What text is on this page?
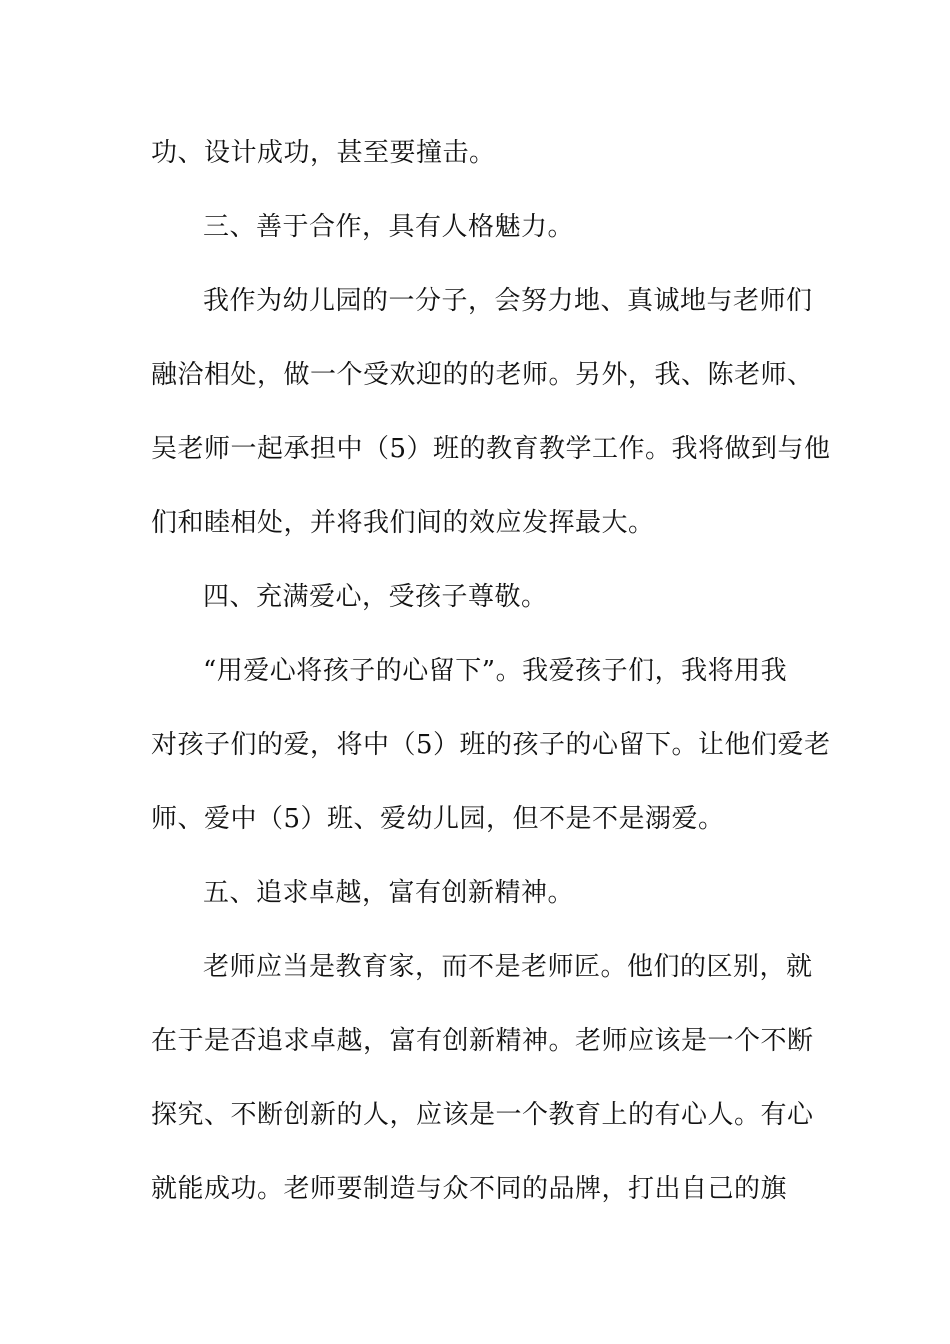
功、设计成功，甚至要撞击。
三、善于合作，具有人格魅力。
我作为幼儿园的一分子，会努力地、真诚地与老师们
融洽相处，做一个受欢迎的的老师。另外，我、陈老师、
吴老师一起承担中（5）班的教育教学工作。我将做到与他
们和睦相处，并将我们间的效应发挥最大。
四、充满爱心，受孩子尊敬。
“用爱心将孩子的心留下”。我爱孩子们，我将用我
对孩子们的爱，将中（5）班的孩子的心留下。让他们爱老
师、爱中（5）班、爱幼儿园，但不是不是溺爱。
五、追求卓越，富有创新精神。
老师应当是教育家，而不是老师匠。他们的区别，就
在于是否追求卓越，富有创新精神。老师应该是一个不断
探究、不断创新的人，应该是一个教育上的有心人。有心
就能成功。老师要制造与众不同的品牌，打出自己的旗
